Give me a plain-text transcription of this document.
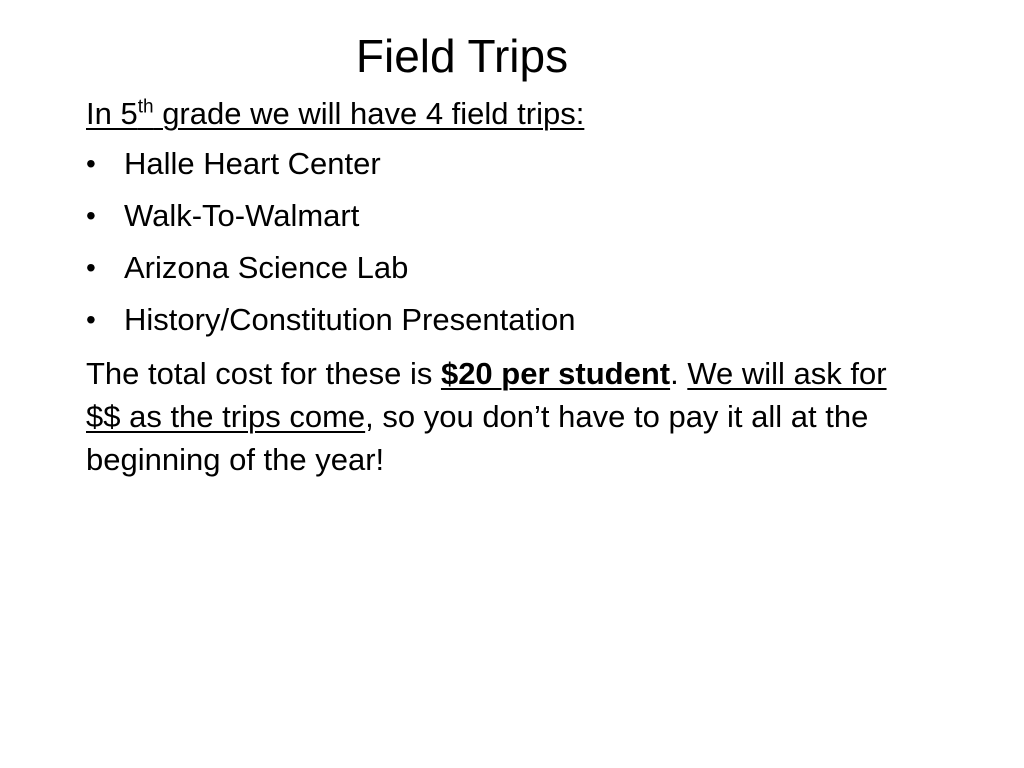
Field Trips

In 5th grade we will have 4 field trips:

• Halle Heart Center
• Walk-To-Walmart
• Arizona Science Lab
• History/Constitution Presentation

The total cost for these is $20 per student. We will ask for $$ as the trips come, so you don’t have to pay it all at the beginning of the year!
